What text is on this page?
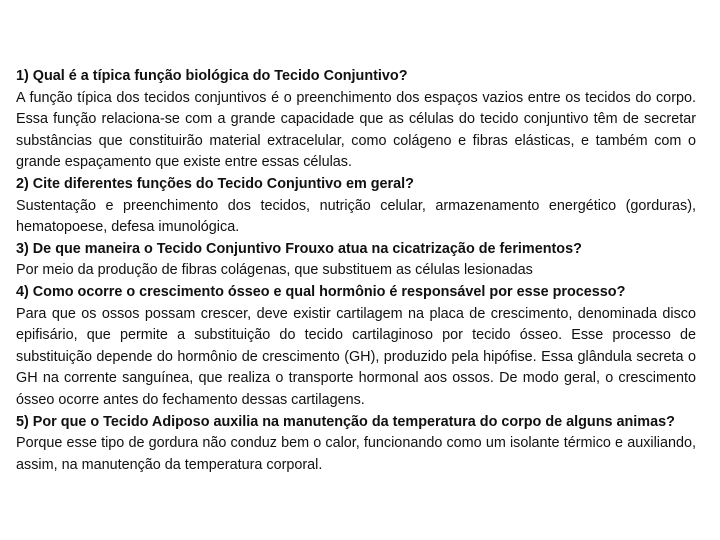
1) Qual é a típica função biológica do Tecido Conjuntivo?

A função típica dos tecidos conjuntivos é o preenchimento dos espaços vazios entre os tecidos do corpo. Essa função relaciona-se com a grande capacidade que as células do tecido conjuntivo têm de secretar substâncias que constituirão material extracelular, como colágeno e fibras elásticas, e também com o grande espaçamento que existe entre essas células.

2) Cite diferentes funções do Tecido Conjuntivo em geral?

Sustentação e preenchimento dos tecidos, nutrição celular, armazenamento energético (gorduras), hematopoese, defesa imunológica.

3) De que maneira o Tecido Conjuntivo Frouxo atua na cicatrização de ferimentos?

Por meio da produção de fibras colágenas, que substituem as células lesionadas

4) Como ocorre o crescimento ósseo e qual hormônio é responsável por esse processo?

Para que os ossos possam crescer, deve existir cartilagem na placa de crescimento, denominada disco epifisário, que permite a substituição do tecido cartilaginoso por tecido ósseo. Esse processo de substituição depende do hormônio de crescimento (GH), produzido pela hipófise. Essa glândula secreta o GH na corrente sanguínea, que realiza o transporte hormonal aos ossos. De modo geral, o crescimento ósseo ocorre antes do fechamento dessas cartilagens.

5) Por que o Tecido Adiposo auxilia na manutenção da temperatura do corpo de alguns animas?

Porque esse tipo de gordura não conduz bem o calor, funcionando como um isolante térmico e auxiliando, assim, na manutenção da temperatura corporal.
